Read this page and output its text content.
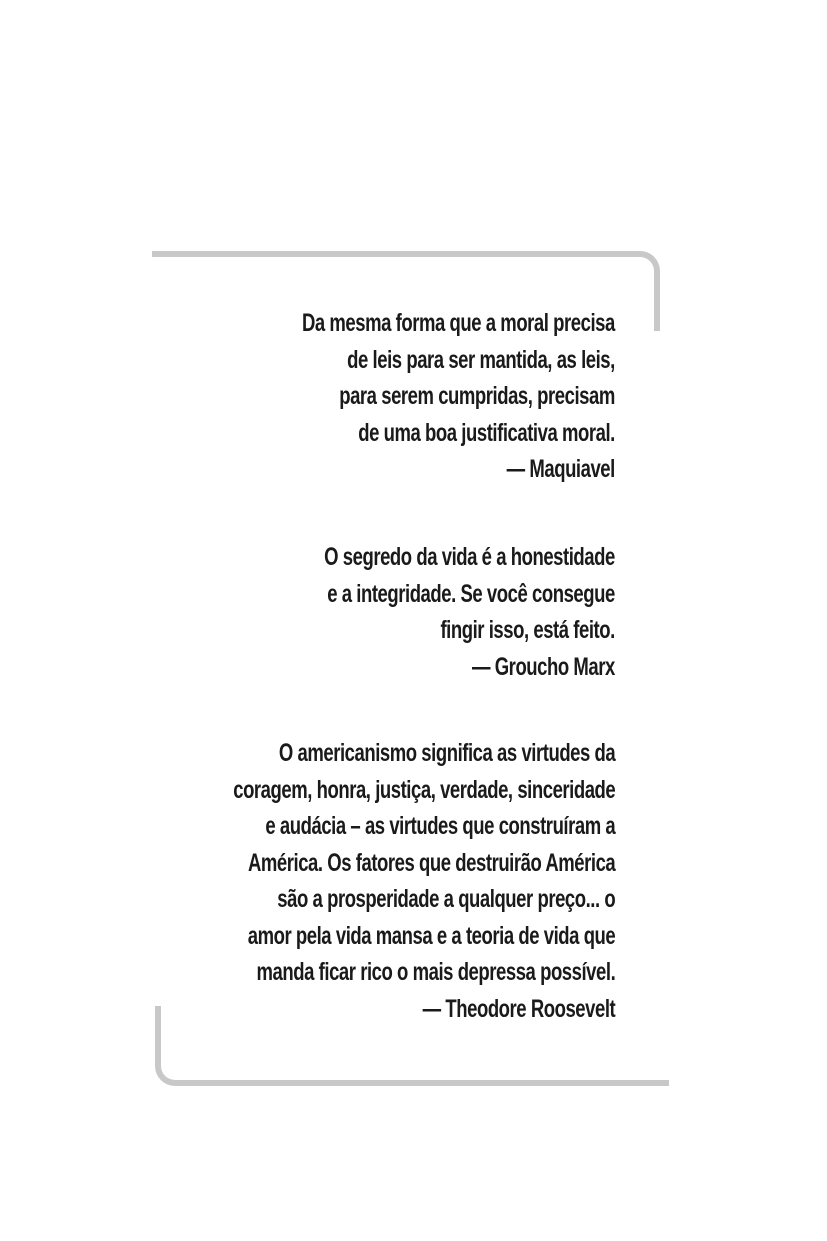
Da mesma forma que a moral precisa
de leis para ser mantida, as leis,
para serem cumpridas, precisam
de uma boa justificativa moral.
— Maquiavel
O segredo da vida é a honestidade
e a integridade. Se você consegue
fingir isso, está feito.
— Groucho Marx
O americanismo significa as virtudes da
coragem, honra, justiça, verdade, sinceridade
e audácia – as virtudes que construíram a
América. Os fatores que destruirão América
são a prosperidade a qualquer preço... o
amor pela vida mansa e a teoria de vida que
manda ficar rico o mais depressa possível.
— Theodore Roosevelt
